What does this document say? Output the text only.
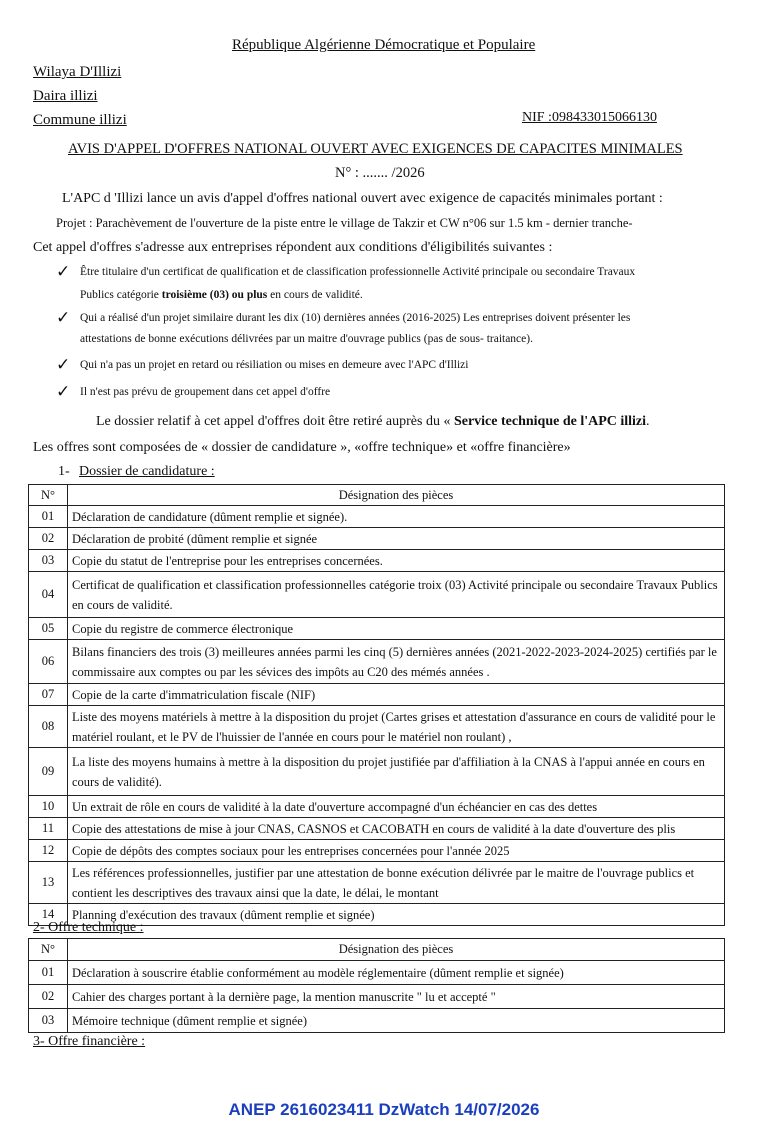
République Algérienne Démocratique et Populaire
Wilaya D'Illizi
Daira illizi
Commune illizi	NIF :098433015066130
AVIS D'APPEL D'OFFRES NATIONAL OUVERT AVEC EXIGENCES DE CAPACITES MINIMALES
N° : ....... /2026
L'APC d 'Illizi lance un avis d'appel d'offres national ouvert avec exigence de capacités minimales portant :
Projet : Parachèvement de l'ouverture de la piste entre le village de Takzir et CW n°06 sur 1.5 km - dernier tranche-
Cet appel d'offres s'adresse aux entreprises répondent aux conditions d'éligibilités suivantes :
✓ Être titulaire d'un certificat de qualification et de classification professionnelle Activité principale ou secondaire Travaux
Publics catégorie troisième (03) ou plus en cours de validité.
✓ Qui a réalisé d'un projet similaire durant les dix (10) dernières années (2016-2025) Les entreprises doivent présenter les
attestations de bonne exécutions délivrées par un maitre d'ouvrage publics (pas de sous- traitance).
✓ Qui n'a pas un projet en retard ou résiliation ou mises en demeure avec l'APC d'Illizi
✓ Il n'est pas prévu de groupement dans cet appel d'offre
Le dossier relatif à cet appel d'offres doit être retiré auprès du « Service technique de l'APC illizi.
Les offres sont composées de « dossier de candidature », «offre technique» et «offre financière»
1- Dossier de candidature :
N°	Désignation des pièces
01	Déclaration de candidature (dûment remplie et signée).
02	Déclaration de probité (dûment remplie et signée
03	Copie du statut de l'entreprise pour les entreprises concernées.
04	Certificat de qualification et classification professionnelles catégorie troix (03) Activité principale ou secondaire Travaux Publics en cours de validité.
05	Copie du registre de commerce électronique
06	Bilans financiers des trois (3) meilleures années parmi les cinq (5) dernières années (2021-2022-2023-2024-2025) certifiés par le commissaire aux comptes ou par les sévices des impôts au C20 des mémés années .
07	Copie de la carte d'immatriculation fiscale (NIF)
08	Liste des moyens matériels à mettre à la disposition du projet (Cartes grises et attestation d'assurance en cours de validité pour le matériel roulant, et le PV de l'huissier de l'année en cours pour le matériel non roulant) ,
09	La liste des moyens humains à mettre à la disposition du projet justifiée par d'affiliation à la CNAS à l'appui année en cours en cours de validité).
10	Un extrait de rôle en cours de validité à la date d'ouverture accompagné d'un échéancier en cas des dettes
11	Copie des attestations de mise à jour CNAS, CASNOS et CACOBATH en cours de validité à la date d'ouverture des plis
12	Copie de dépôts des comptes sociaux pour les entreprises concernées pour l'année 2025
13	Les références professionnelles, justifier par une attestation de bonne exécution délivrée par le maitre de l'ouvrage publics et contient les descriptives des travaux ainsi que la date, le délai, le montant
14	Planning d'exécution des travaux (dûment remplie et signée)
2- Offre technique :
N°	Désignation des pièces
01	Déclaration à souscrire établie conformément au modèle réglementaire (dûment remplie et signée)
02	Cahier des charges portant à la dernière page, la mention manuscrite " lu et accepté "
03	Mémoire technique (dûment remplie et signée)
3- Offre financière :
ANEP 2616023411 DzWatch 14/07/2026
